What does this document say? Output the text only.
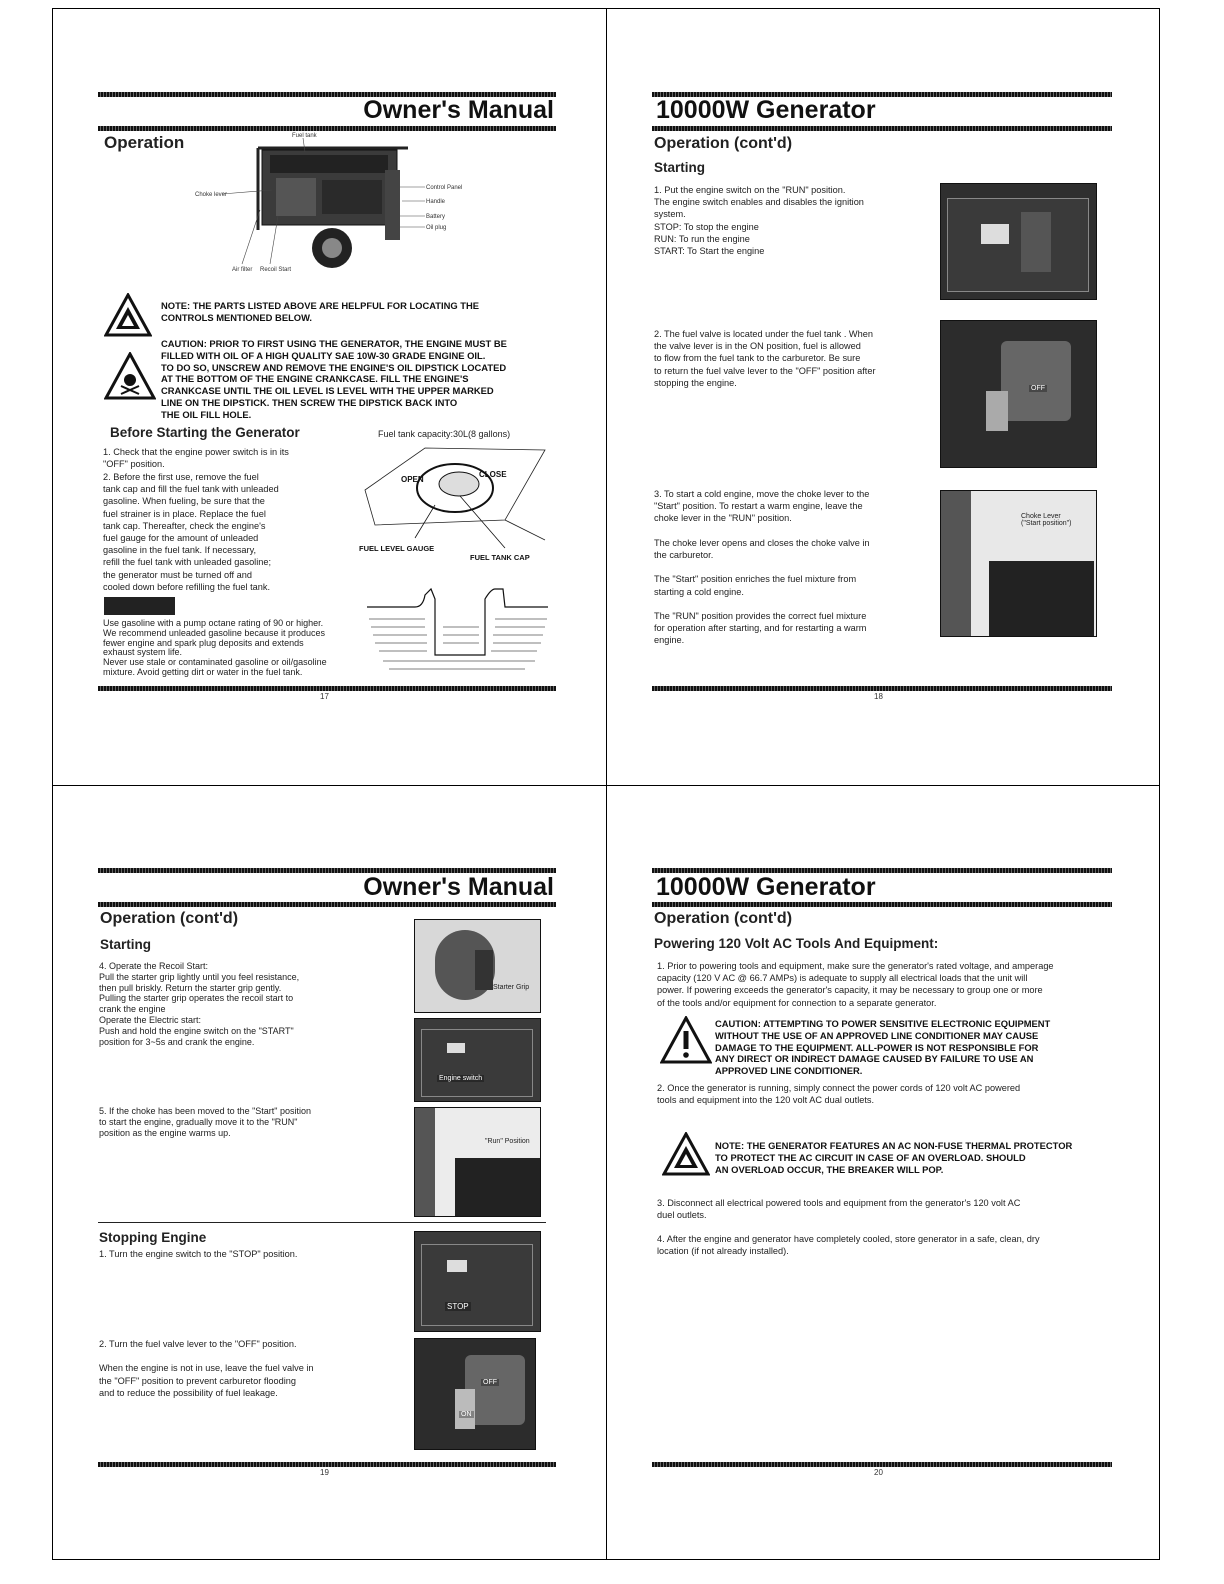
Owner's Manual
Operation	Fuel tank
Choke lever
Control Panel
Handle
Battery
Oil plug
Air filter Recoil Start
NOTE: THE PARTS LISTED ABOVE ARE HELPFUL FOR LOCATING THE
CONTROLS MENTIONED BELOW.
CAUTION: PRIOR TO FIRST USING THE GENERATOR, THE ENGINE MUST BE
FILLED WITH OIL OF A HIGH QUALITY SAE 10W-30 GRADE ENGINE OIL.
TO DO SO, UNSCREW AND REMOVE THE ENGINE'S OIL DIPSTICK LOCATED
AT THE BOTTOM OF THE ENGINE CRANKCASE. FILL THE ENGINE'S
CRANKCASE UNTIL THE OIL LEVEL IS LEVEL WITH THE UPPER MARKED
LINE ON THE DIPSTICK. THEN SCREW THE DIPSTICK BACK INTO
THE OIL FILL HOLE.
Before Starting the Generator	Fuel tank capacity:30L(8 gallons)
1. Check that the engine power switch is in its
"OFF" position.
2. Before the first use, remove the fuel
tank cap and fill the fuel tank with unleaded
gasoline. When fueling, be sure that the
fuel strainer is in place. Replace the fuel
tank cap. Thereafter, check the engine's
fuel gauge for the amount of unleaded
gasoline in the fuel tank. If necessary,
refill the fuel tank with unleaded gasoline;
the generator must be turned off and
cooled down before refilling the fuel tank.
OPEN
CLOSE
FUEL LEVEL GAUGE
FUEL TANK CAP
Use gasoline with a pump octane rating of 90 or higher.
We recommend unleaded gasoline because it produces
fewer engine and spark plug deposits and extends
exhaust system life.
Never use stale or contaminated gasoline or oil/gasoline
mixture. Avoid getting dirt or water in the fuel tank.
17
10000W Generator
Operation (cont'd)
Starting
1. Put the engine switch on the "RUN" position.
The engine switch enables and disables the ignition
system.
STOP: To stop the engine
RUN: To run the engine
START: To Start the engine
2. The fuel valve is located under the fuel tank . When
the valve lever is in the ON position, fuel is allowed
to flow from the fuel tank to the carburetor. Be sure
to return the fuel valve lever to the "OFF" position after
stopping the engine.
OFF
3. To start a cold engine, move the choke lever to the
"Start" position. To restart a warm engine, leave the
choke lever in the "RUN" position.

The choke lever opens and closes the choke valve in
the carburetor.

The "Start" position enriches the fuel mixture from
starting a cold engine.

The "RUN" position provides the correct fuel mixture
for operation after starting, and for restarting a warm
engine.
Choke Lever
("Start position")
18
Owner's Manual
Operation (cont'd)
Starting
4. Operate the Recoil Start:
Pull the starter grip lightly until you feel resistance,
then pull briskly. Return the starter grip gently.
Pulling the starter grip operates the recoil start to
crank the engine
Operate the Electric start:
Push and hold the engine switch on the "START"
position for 3~5s and crank the engine.
Starter Grip
Engine switch
5. If the choke has been moved to the "Start" position
to start the engine, gradually move it to the "RUN"
position as the engine warms up.
"Run" Position
Stopping Engine
1. Turn the engine switch to the "STOP" position.
STOP
2. Turn the fuel valve lever to the "OFF" position.

When the engine is not in use, leave the fuel valve in
the "OFF" position to prevent carburetor flooding
and to reduce the possibility of fuel leakage.
OFF
ON
19
10000W Generator
Operation (cont'd)
Powering 120 Volt AC Tools And Equipment:
1. Prior to powering tools and equipment, make sure the generator's rated voltage, and amperage
capacity (120 V AC @ 66.7 AMPs) is adequate to supply all electrical loads that the unit will
power. If powering exceeds the generator's capacity, it may be necessary to group one or more
of the tools and/or equipment for connection to a separate generator.
CAUTION: ATTEMPTING TO POWER SENSITIVE ELECTRONIC EQUIPMENT
WITHOUT THE USE OF AN APPROVED LINE CONDITIONER MAY CAUSE
DAMAGE TO THE EQUIPMENT. ALL-POWER IS NOT RESPONSIBLE FOR
ANY DIRECT OR INDIRECT DAMAGE CAUSED BY FAILURE TO USE AN
APPROVED LINE CONDITIONER.
2. Once the generator is running, simply connect the power cords of 120 volt AC powered
tools and equipment into the 120 volt AC dual outlets.
NOTE: THE GENERATOR FEATURES AN AC NON-FUSE THERMAL PROTECTOR
TO PROTECT THE AC CIRCUIT IN CASE OF AN OVERLOAD. SHOULD
AN OVERLOAD OCCUR, THE BREAKER WILL POP.
3. Disconnect all electrical powered tools and equipment from the generator's 120 volt AC
duel outlets.
4. After the engine and generator have completely cooled, store generator in a safe, clean, dry
location (if not already installed).
20
